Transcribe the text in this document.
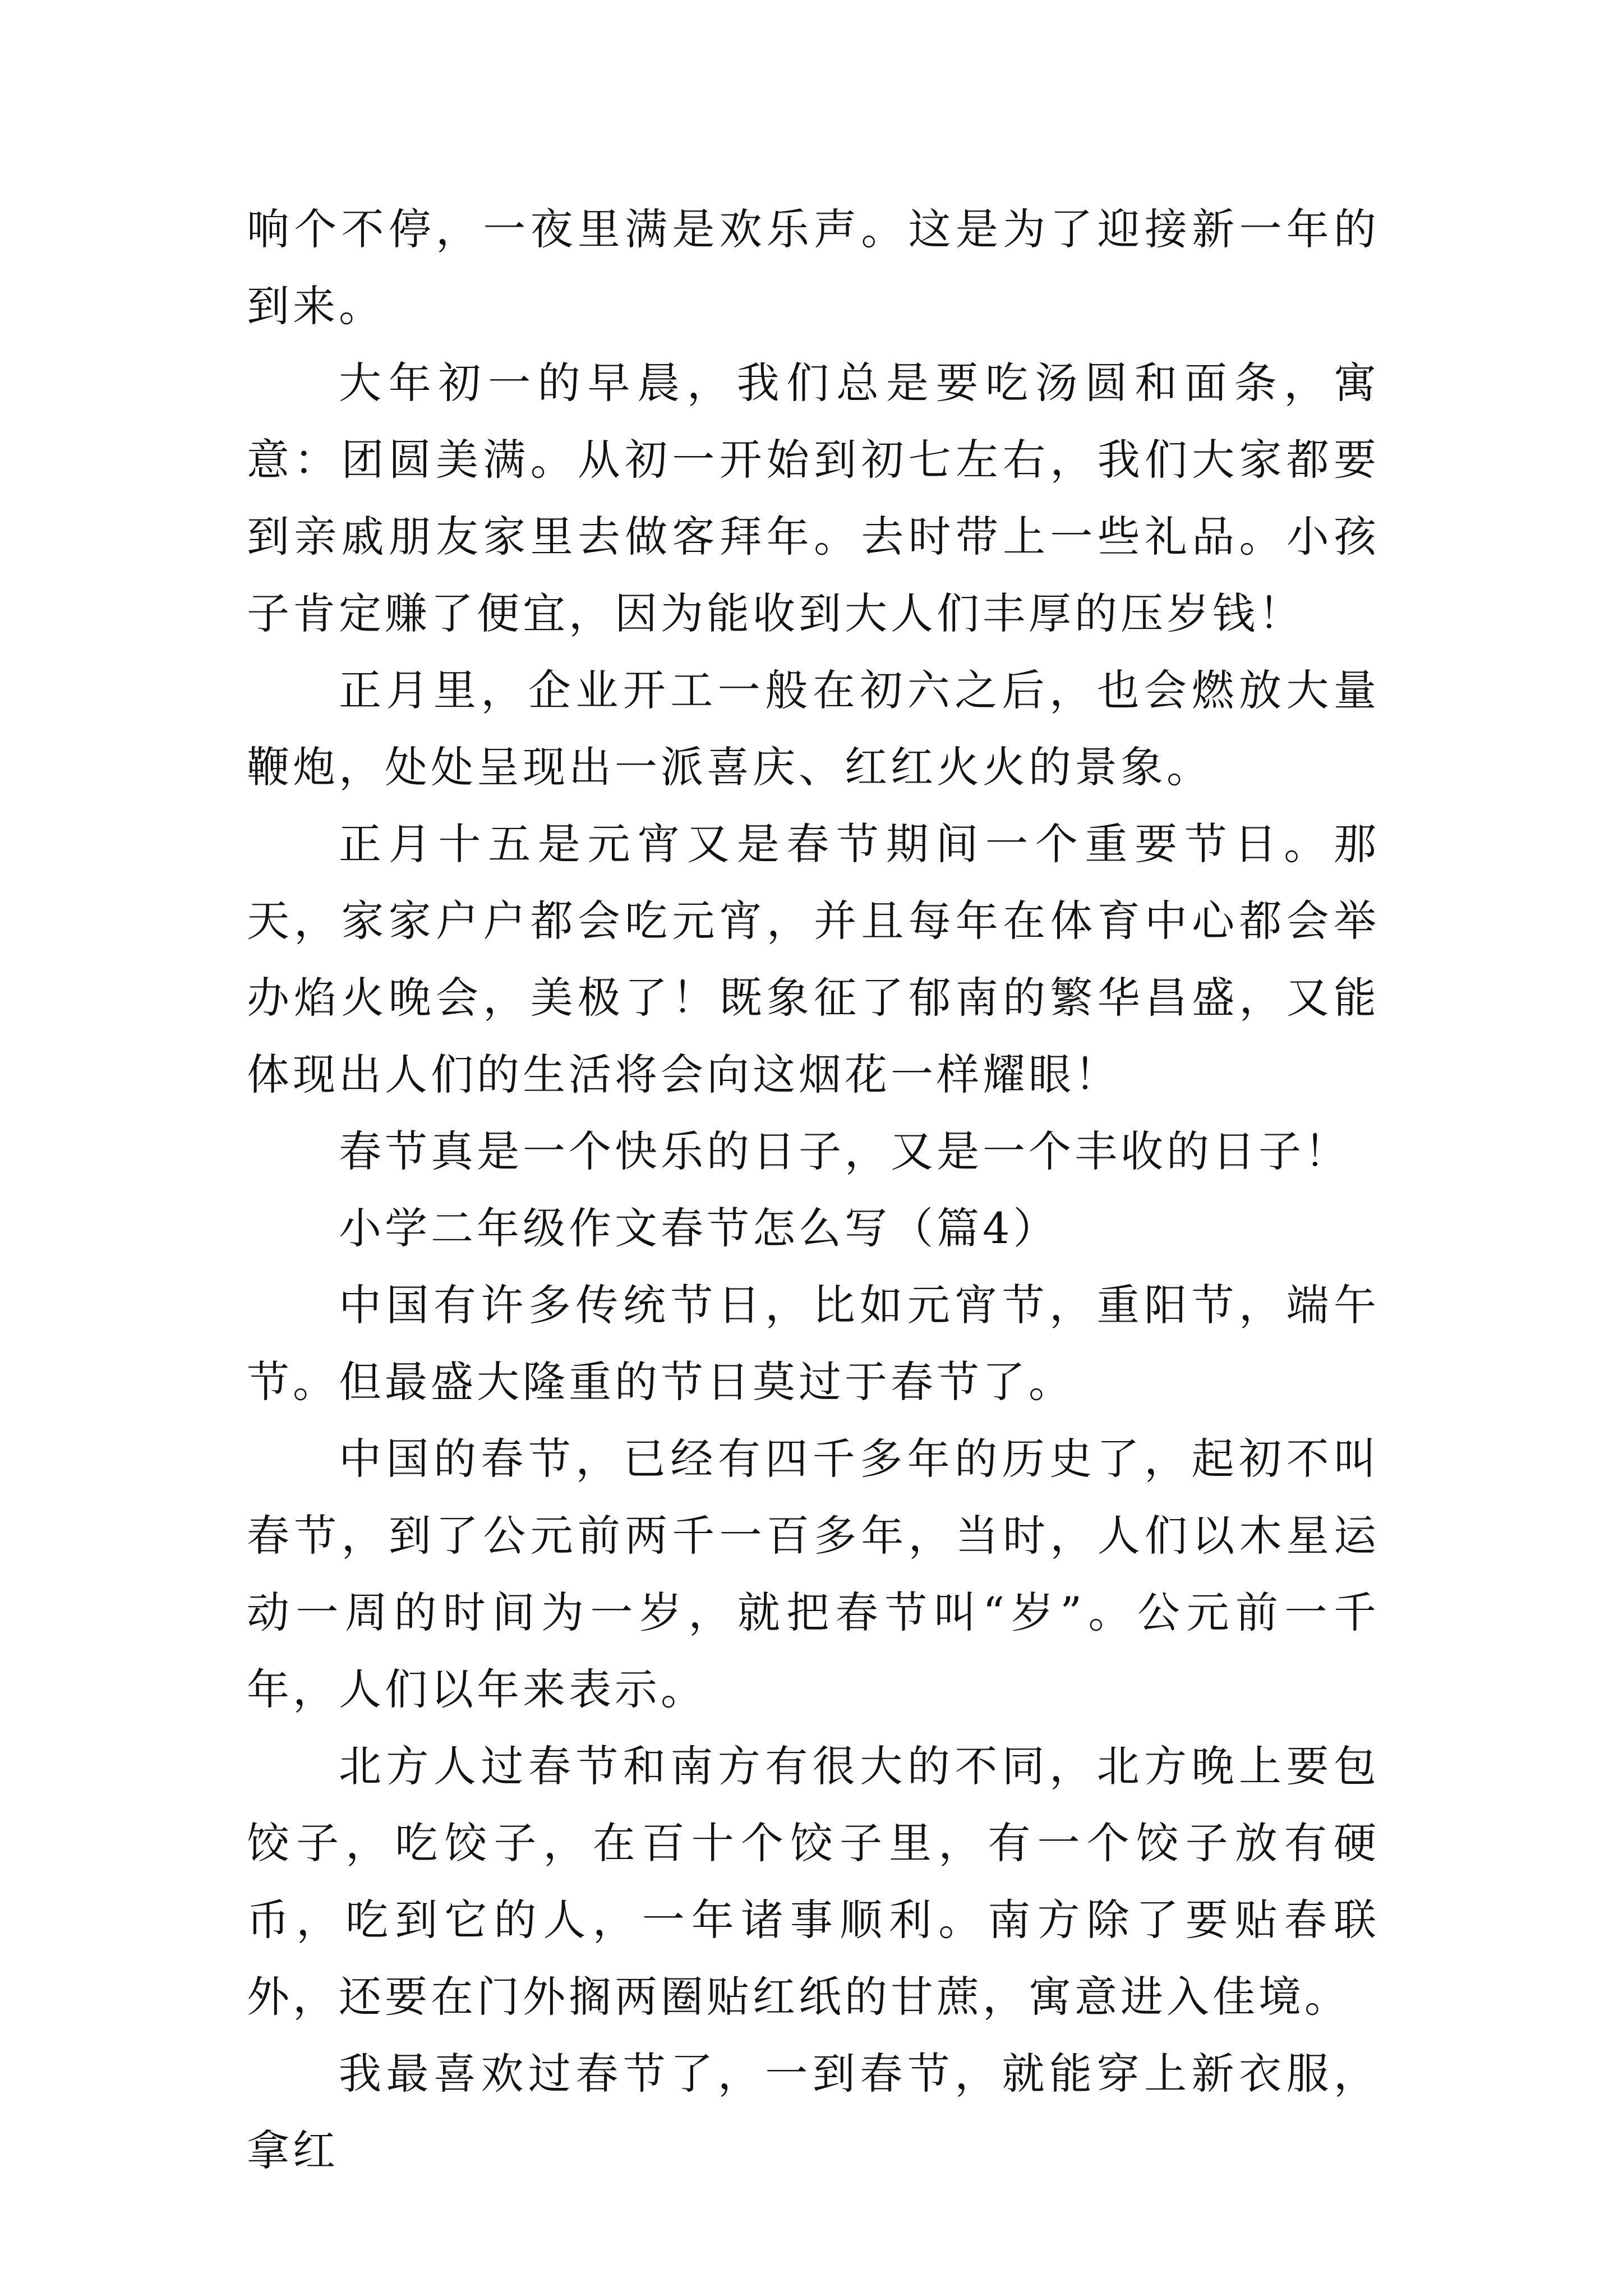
响个不停，一夜里满是欢乐声。这是为了迎接新一年的到来。

大年初一的早晨，我们总是要吃汤圆和面条，寓意：团圆美满。从初一开始到初七左右，我们大家都要到亲戚朋友家里去做客拜年。去时带上一些礼品。小孩子肯定赚了便宜，因为能收到大人们丰厚的压岁钱！

正月里，企业开工一般在初六之后，也会燃放大量鞭炮，处处呈现出一派喜庆、红红火火的景象。

正月十五是元宵又是春节期间一个重要节日。那天，家家户户都会吃元宵，并且每年在体育中心都会举办焰火晚会，美极了！既象征了郁南的繁华昌盛，又能体现出人们的生活将会向这烟花一样耀眼！

春节真是一个快乐的日子，又是一个丰收的日子！

小学二年级作文春节怎么写（篇4）

中国有许多传统节日，比如元宵节，重阳节，端午节。但最盛大隆重的节日莫过于春节了。

中国的春节，已经有四千多年的历史了，起初不叫春节，到了公元前两千一百多年，当时，人们以木星运动一周的时间为一岁，就把春节叫“岁”。公元前一千年，人们以年来表示。

北方人过春节和南方有很大的不同，北方晚上要包饺子，吃饺子，在百十个饺子里，有一个饺子放有硬币，吃到它的人，一年诸事顺利。南方除了要贴春联外，还要在门外搁两圈贴红纸的甘蔗，寓意进入佳境。

我最喜欢过春节了，一到春节，就能穿上新衣服，拿红
